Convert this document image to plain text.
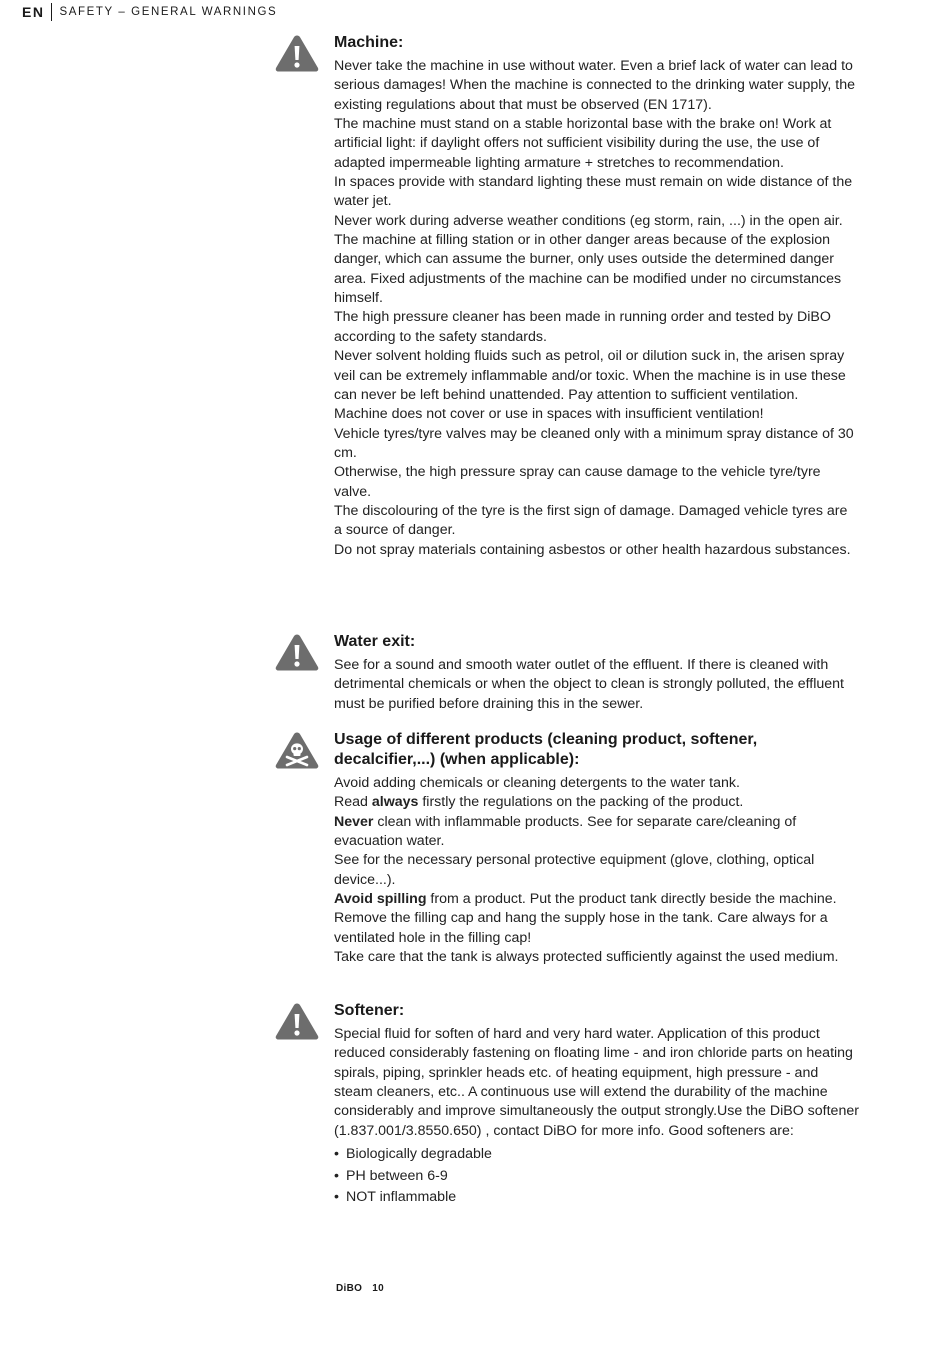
EN	SAFETY – GENERAL WARNINGS
Machine:

Never take the machine in use without water. Even a brief lack of water can lead to serious damages! When the machine is connected to the drinking water supply, the existing regulations about that must be observed (EN 1717).

The machine must stand on a stable horizontal base with the brake on! Work at artificial light: if daylight offers not sufficient visibility during the use, the use of adapted impermeable lighting armature + stretches to recommendation.

In spaces provide with standard lighting these must remain on wide distance of the water jet.

Never work during adverse weather conditions (eg storm, rain, ...) in the open air.

The machine at filling station or in other danger areas because of the explosion danger, which can assume the burner, only uses outside the determined danger area. Fixed adjustments of the machine can be modified under no circumstances himself.

The high pressure cleaner has been made in running order and tested by DiBO according to the safety standards.

Never solvent holding fluids such as petrol, oil or dilution suck in, the arisen spray veil can be extremely inflammable and/or toxic. When the machine is in use these can never be left behind unattended. Pay attention to sufficient ventilation.

Machine does not cover or use in spaces with insufficient ventilation!

Vehicle tyres/tyre valves may be cleaned only with a minimum spray distance of 30 cm.

Otherwise, the high pressure spray can cause damage to the vehicle tyre/tyre valve.

The discolouring of the tyre is the first sign of damage. Damaged vehicle tyres are a source of danger.

Do not spray materials containing asbestos or other health hazardous substances.

Water exit:

See for a sound and smooth water outlet of the effluent. If there is cleaned with detrimental chemicals or when the object to clean is strongly polluted, the effluent must be purified before draining this in the sewer.

Usage of different products (cleaning product, softener, decalcifier,...) (when applicable):

Avoid adding chemicals or cleaning detergents to the water tank.

Read always firstly the regulations on the packing of the product.

Never clean with inflammable products. See for separate care/cleaning of evacuation water.

See for the necessary personal protective equipment (glove, clothing, optical device...).

Avoid spilling from a product. Put the product tank directly beside the machine. Remove the filling cap and hang the supply hose in the tank. Care always for a ventilated hole in the filling cap!

Take care that the tank is always protected sufficiently against the used medium.

Softener:

Special fluid for soften of hard and very hard water. Application of this product reduced considerably fastening on floating lime - and iron chloride parts on heating spirals, piping, sprinkler heads etc. of heating equipment, high pressure - and steam cleaners, etc.. A continuous use will extend the durability of the machine considerably and improve simultaneously the output strongly.Use the DiBO softener (1.837.001/3.8550.650) , contact DiBO for more info. Good softeners are:

• Biologically degradable
• PH between 6-9
• NOT inflammable
DiBO 10
